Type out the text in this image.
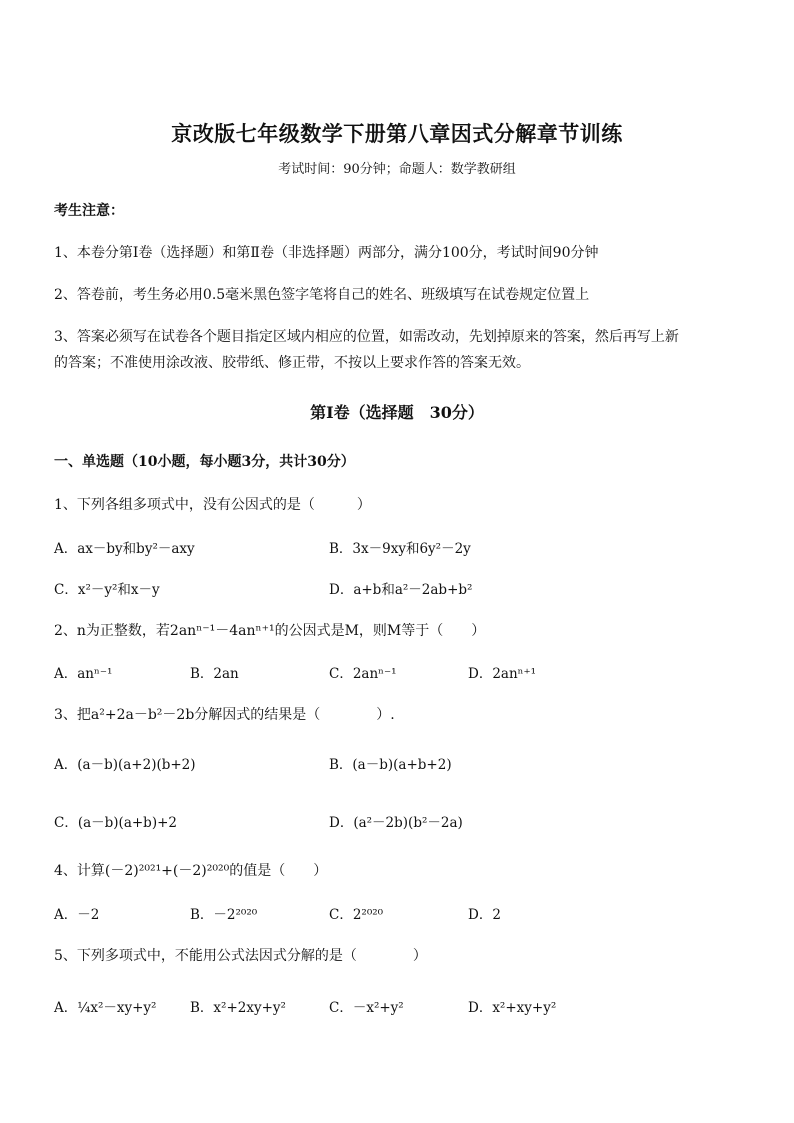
京改版七年级数学下册第八章因式分解章节训练
考试时间：90分钟；命题人：数学教研组
考生注意：
1、本卷分第Ⅰ卷（选择题）和第Ⅱ卷（非选择题）两部分，满分100分，考试时间90分钟
2、答卷前，考生务必用0.5毫米黑色签字笔将自己的姓名、班级填写在试卷规定位置上
3、答案必须写在试卷各个题目指定区域内相应的位置，如需改动，先划掉原来的答案，然后再写上新
的答案；不准使用涂改液、胶带纸、修正带，不按以上要求作答的答案无效。
第Ⅰ卷（选择题　30分）
一、单选题（10小题，每小题3分，共计30分）
1、下列各组多项式中，没有公因式的是（　　　）
A．ax－by和by²－axy	B．3x－9xy和6y²－2y
C．x²－y²和x－y	D．a+b和a²－2ab+b²
2、n为正整数，若2anⁿ⁻¹－4anⁿ⁺¹的公因式是M，则M等于（　　）
A．anⁿ⁻¹	B．2an	C．2anⁿ⁻¹	D．2anⁿ⁺¹
3、把a²+2a－b²－2b分解因式的结果是（　　　　）.
A．(a－b)(a+2)(b+2)	B．(a－b)(a+b+2)
C．(a－b)(a+b)+2	D．(a²－2b)(b²－2a)
4、计算(－2)²⁰²¹+(－2)²⁰²⁰的值是（　　）
A．－2	B．－2²⁰²⁰	C．2²⁰²⁰	D．2
5、下列多项式中，不能用公式法因式分解的是（　　　　）
A．¼x²－xy+y² B．x²+2xy+y²	C．－x²+y²	D．x²+xy+y²
